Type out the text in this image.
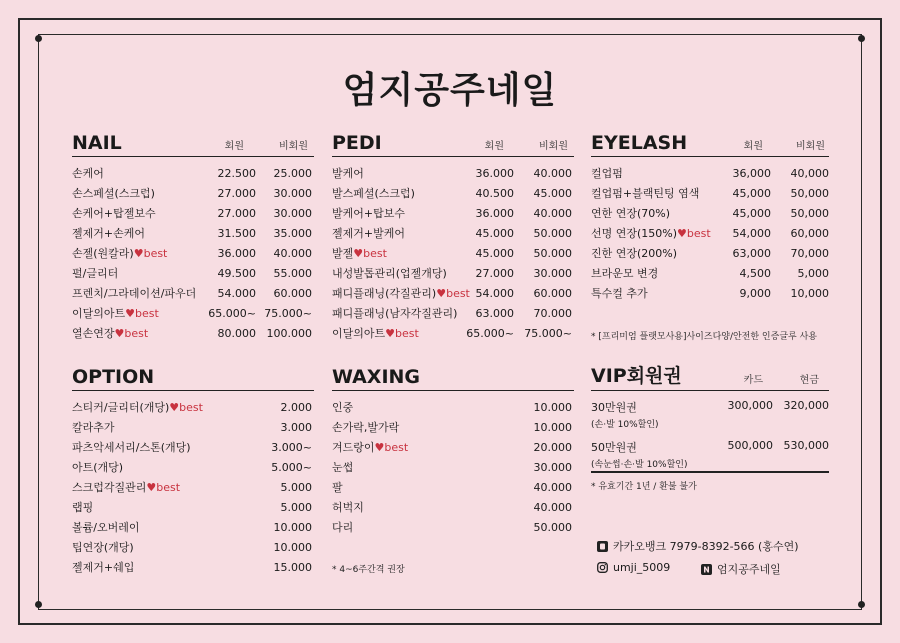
엄지공주네일
NAIL	회원	비회원
손케어	22.500 25.000
손스페셜(스크럽)	27.000 30.000
손케어+탑젤보수	27.000 30.000
젤제거+손케어	31.500 35.000
손젤(원칼라)♥best	36.000 40.000
펄/글리터	49.500 55.000
프렌치/그라데이션/파우더 54.000 60.000
이달의아트♥best	65.000~ 75.000~
열손연장♥best	80.000 100.000
PEDI	회원	비회원
발케어	36.000 40.000
발스페셜(스크럽)	40.500 45.000
발케어+탑보수	36.000 40.000
젤제거+발케어	45.000 50.000
발젤♥best	45.000 50.000
내성발톱관리(업젤개당)	27.000 30.000
패디플래닝(각질관리)♥best 54.000 60.000
패디플래닝(남자각질관리) 63.000 70.000
이달의아트♥best	65.000~ 75.000~
EYELASH	회원	비회원
컬업펌	36,000 40,000
컬업펌+블랙틴팅 염색	45,000 50,000
연한 연장(70%)	45,000 50,000
선명 연장(150%)♥best 54,000 60,000
진한 연장(200%)	63,000 70,000
브라운모 변경	4,500 5,000
특수컬 추가	9,000 10,000
* [프리미엄 플랫모사용]사이즈다양/안전한 인증글루 사용
OPTION
스티커/글리터(개당)♥best	2.000
칼라추가	3.000
파츠악세서리/스톤(개당)	3.000~
아트(개당)	5.000~
스크럽각질관리♥best	5.000
랩핑	5.000
볼륨/오버레이	10.000
팁연장(개당)	10.000
젤제거+쉐입	15.000
WAXING
인중	10.000
손가락,발가락	10.000
겨드랑이♥best	20.000
눈썹	30.000
팔	40.000
허벅지	40.000
다리	50.000
* 4~6주간격 권장
VIP회원권	카드	현금
30만원권
(손·발 10%할인)
300,000 320,000
50만원권
(속눈썹·손·발 10%할인)
500,000 530,000
* 유효기간 1년 / 환불 불가
카카오뱅크 7979-8392-566 (홍수연)
umji_5009	엄지공주네일
